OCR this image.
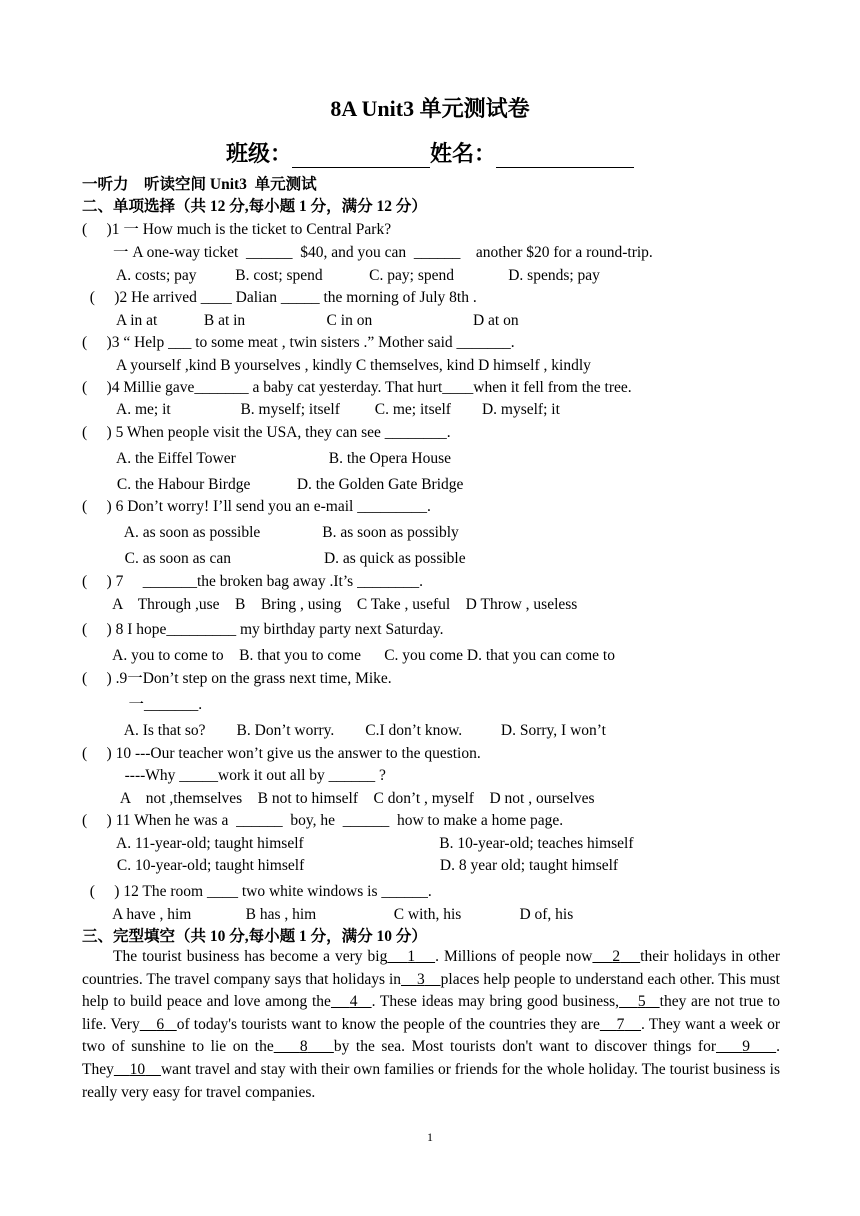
8A Unit3 单元测试卷
班级：	姓名：
一听力    听读空间 Unit3  单元测试
二、单项选择（共 12 分,每小题 1 分，满分 12 分）
(     )1 一 How much is the ticket to Central Park?
一 A one-way ticket  ______  $40, and you can  ______    another $20 for a round-trip.
A. costs; pay          B. cost; spend            C. pay; spend              D. spends; pay
(     )2 He arrived ____ Dalian _____ the morning of July 8th .
A in at            B at in                     C in on                          D at on
(     )3 “ Help ___ to some meat , twin sisters .” Mother said _______.
A yourself ,kind B yourselves , kindly C themselves, kind D himself , kindly
(     )4 Millie gave_______ a baby cat yesterday. That hurt____when it fell from the tree.
A. me; it                  B. myself; itself         C. me; itself        D. myself; it
(     ) 5 When people visit the USA, they can see ________.
A. the Eiffel Tower                        B. the Opera House
C. the Habour Birdge            D. the Golden Gate Bridge
(     ) 6 Don’t worry! I’ll send you an e-mail _________.
A. as soon as possible                B. as soon as possibly
C. as soon as can                        D. as quick as possible
(     ) 7     _______the broken bag away .It’s ________.
A    Through ,use    B    Bring , using    C Take , useful    D Throw , useless
(     ) 8 I hope_________ my birthday party next Saturday.
A. you to come to    B. that you to come      C. you come D. that you can come to
(     ) .9一Don’t step on the grass next time, Mike.
一_______.
A. Is that so?        B. Don’t worry.        C.I don’t know.          D. Sorry, I won’t
(     ) 10 ---Our teacher won’t give us the answer to the question.
----Why _____work it out all by ______ ?
A    not ,themselves    B not to himself    C don’t , myself    D not , ourselves
(     ) 11 When he was a  ______  boy, he  ______  how to make a home page.
A. 11-year-old; taught himself                                   B. 10-year-old; teaches himself
C. 10-year-old; taught himself                                   D. 8 year old; taught himself
(     ) 12 The room ____ two white windows is ______.
A have , him              B has , him                    C with, his               D of, his
三、完型填空（共 10 分,每小题 1 分，满分 10 分）
  The tourist business has become a very big 1 . Millions of people now 2 their holidays in other countries. The travel company says that holidays in 3 places help people to understand each other. This must help to build peace and love among the 4 . These ideas may bring good business, 5 they are not true to life. Very 6 of today's tourists want to know the people of the countries they are 7 . They want a week or two of sunshine to lie on the 8 by the sea. Most tourists don't want to discover things for 9 . They 10 want travel and stay with their own families or friends for the whole holiday. The tourist business is really very easy for travel companies.
1
